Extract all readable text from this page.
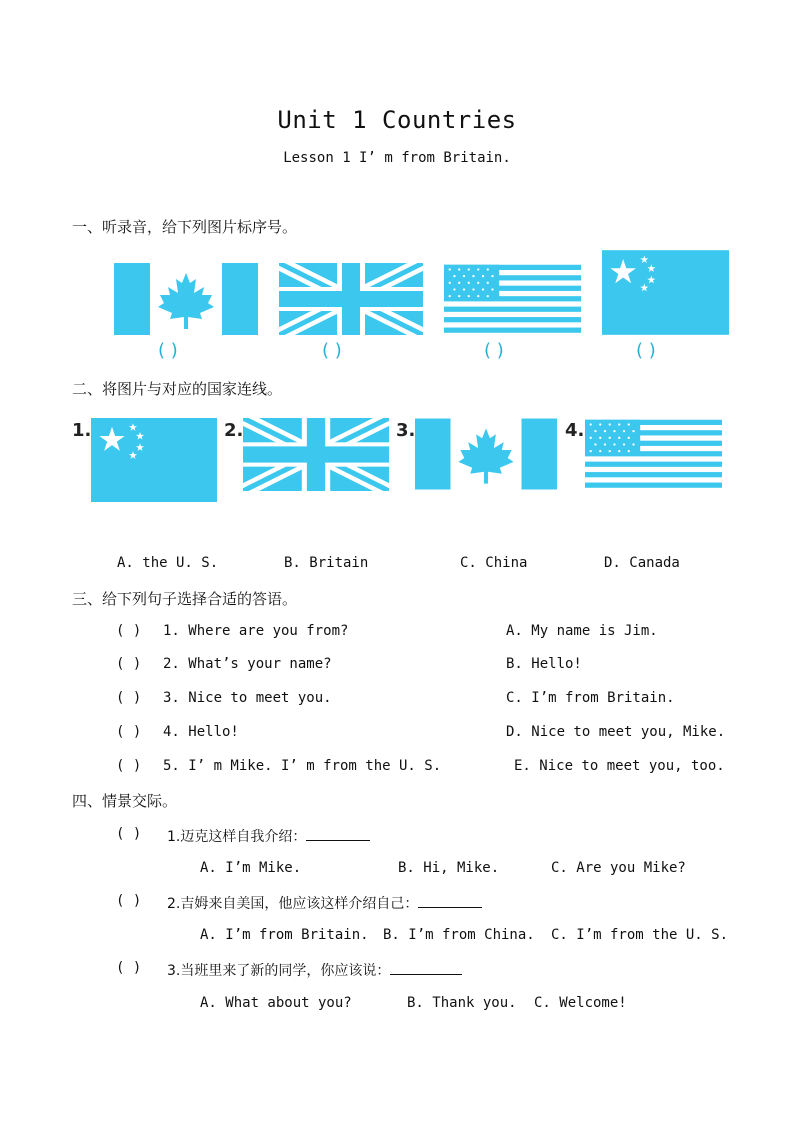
Unit 1 Countries
Lesson 1 I’ m from Britain.
一、听录音，给下列图片标序号。
( )	( )	( )	( )
二、将图片与对应的国家连线。
1.	2.	3.	4.
A. the U. S.	B. Britain	C. China	D. Canada
三、给下列句子选择合适的答语。
( ) 1. Where are you from?	A. My name is Jim.
( ) 2. What’s your name?	B. Hello!
( ) 3. Nice to meet you.	C. I’m from Britain.
( ) 4. Hello!	D. Nice to meet you, Mike.
( ) 5. I’ m Mike. I’ m from the U. S.	E. Nice to meet you, too.
四、情景交际。
( ) 1.迈克这样自我介绍：
A. I’m Mike.	B. Hi, Mike.	C. Are you Mike?
( ) 2.吉姆来自美国，他应该这样介绍自己：
A. I’m from Britain. B. I’m from China. C. I’m from the U. S.
( ) 3.当班里来了新的同学，你应该说：
A. What about you?	B. Thank you. C. Welcome!
